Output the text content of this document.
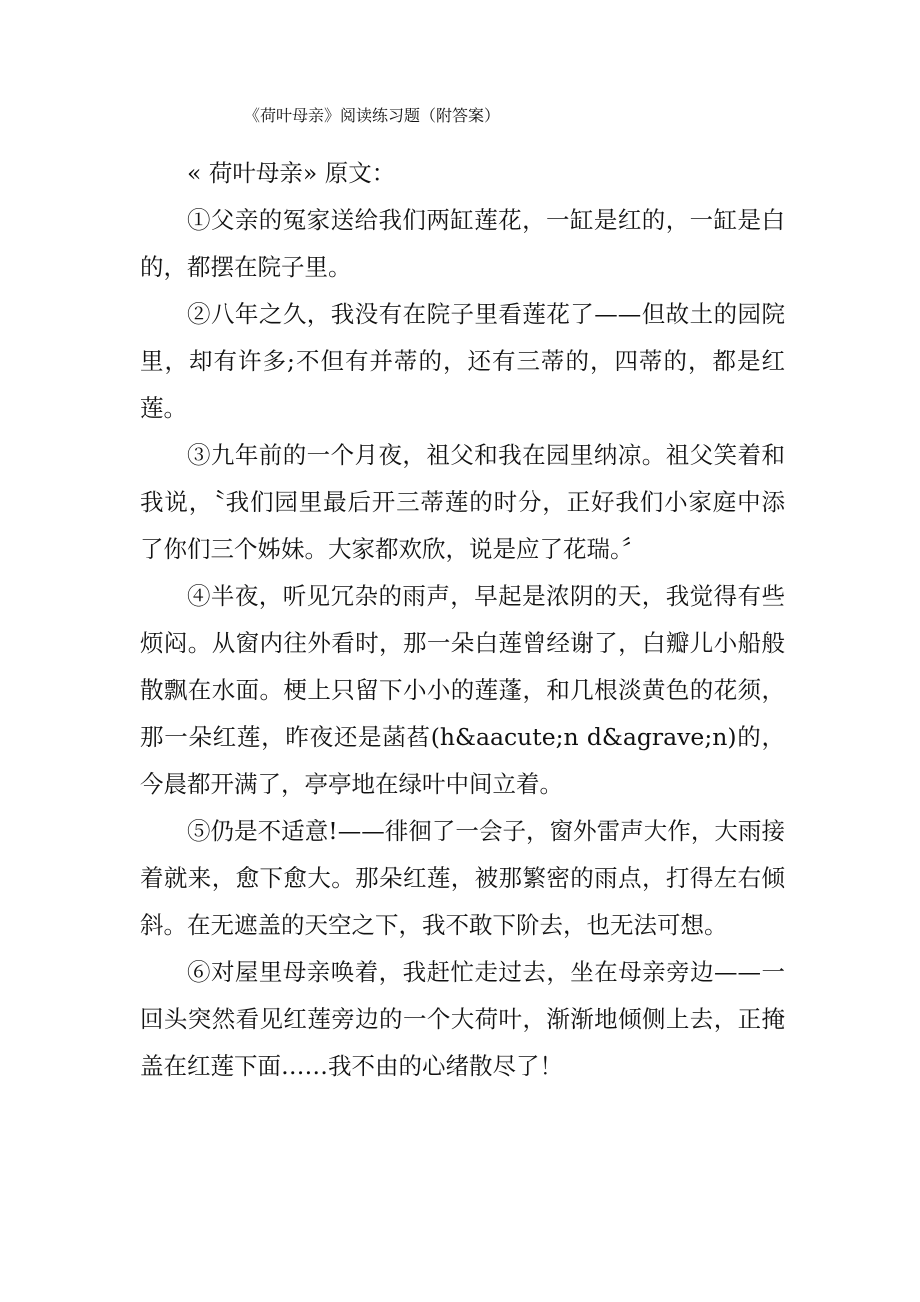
《荷叶母亲》阅读练习题（附答案）

« 荷叶母亲» 原文：

①父亲的冤家送给我们两缸莲花，一缸是红的，一缸是白的，都摆在院子里。

②八年之久，我没有在院子里看莲花了——但故土的园院里，却有许多;不但有并蒂的，还有三蒂的，四蒂的，都是红莲。

③九年前的一个月夜，祖父和我在园里纳凉。祖父笑着和我说，〝我们园里最后开三蒂莲的时分，正好我们小家庭中添了你们三个姊妹。大家都欢欣，说是应了花瑞。〞

④半夜，听见冗杂的雨声，早起是浓阴的天，我觉得有些烦闷。从窗内往外看时，那一朵白莲曾经谢了，白瓣儿小船般散飘在水面。梗上只留下小小的莲蓬，和几根淡黄色的花须，那一朵红莲，昨夜还是菡萏(h&aacute;n d&agrave;n)的，今晨都开满了，亭亭地在绿叶中间立着。

⑤仍是不适意!——徘徊了一会子，窗外雷声大作，大雨接着就来，愈下愈大。那朵红莲，被那繁密的雨点，打得左右倾斜。在无遮盖的天空之下，我不敢下阶去，也无法可想。

⑥对屋里母亲唤着，我赶忙走过去，坐在母亲旁边——一回头突然看见红莲旁边的一个大荷叶，渐渐地倾侧上去，正掩盖在红莲下面……我不由的心绪散尽了！
